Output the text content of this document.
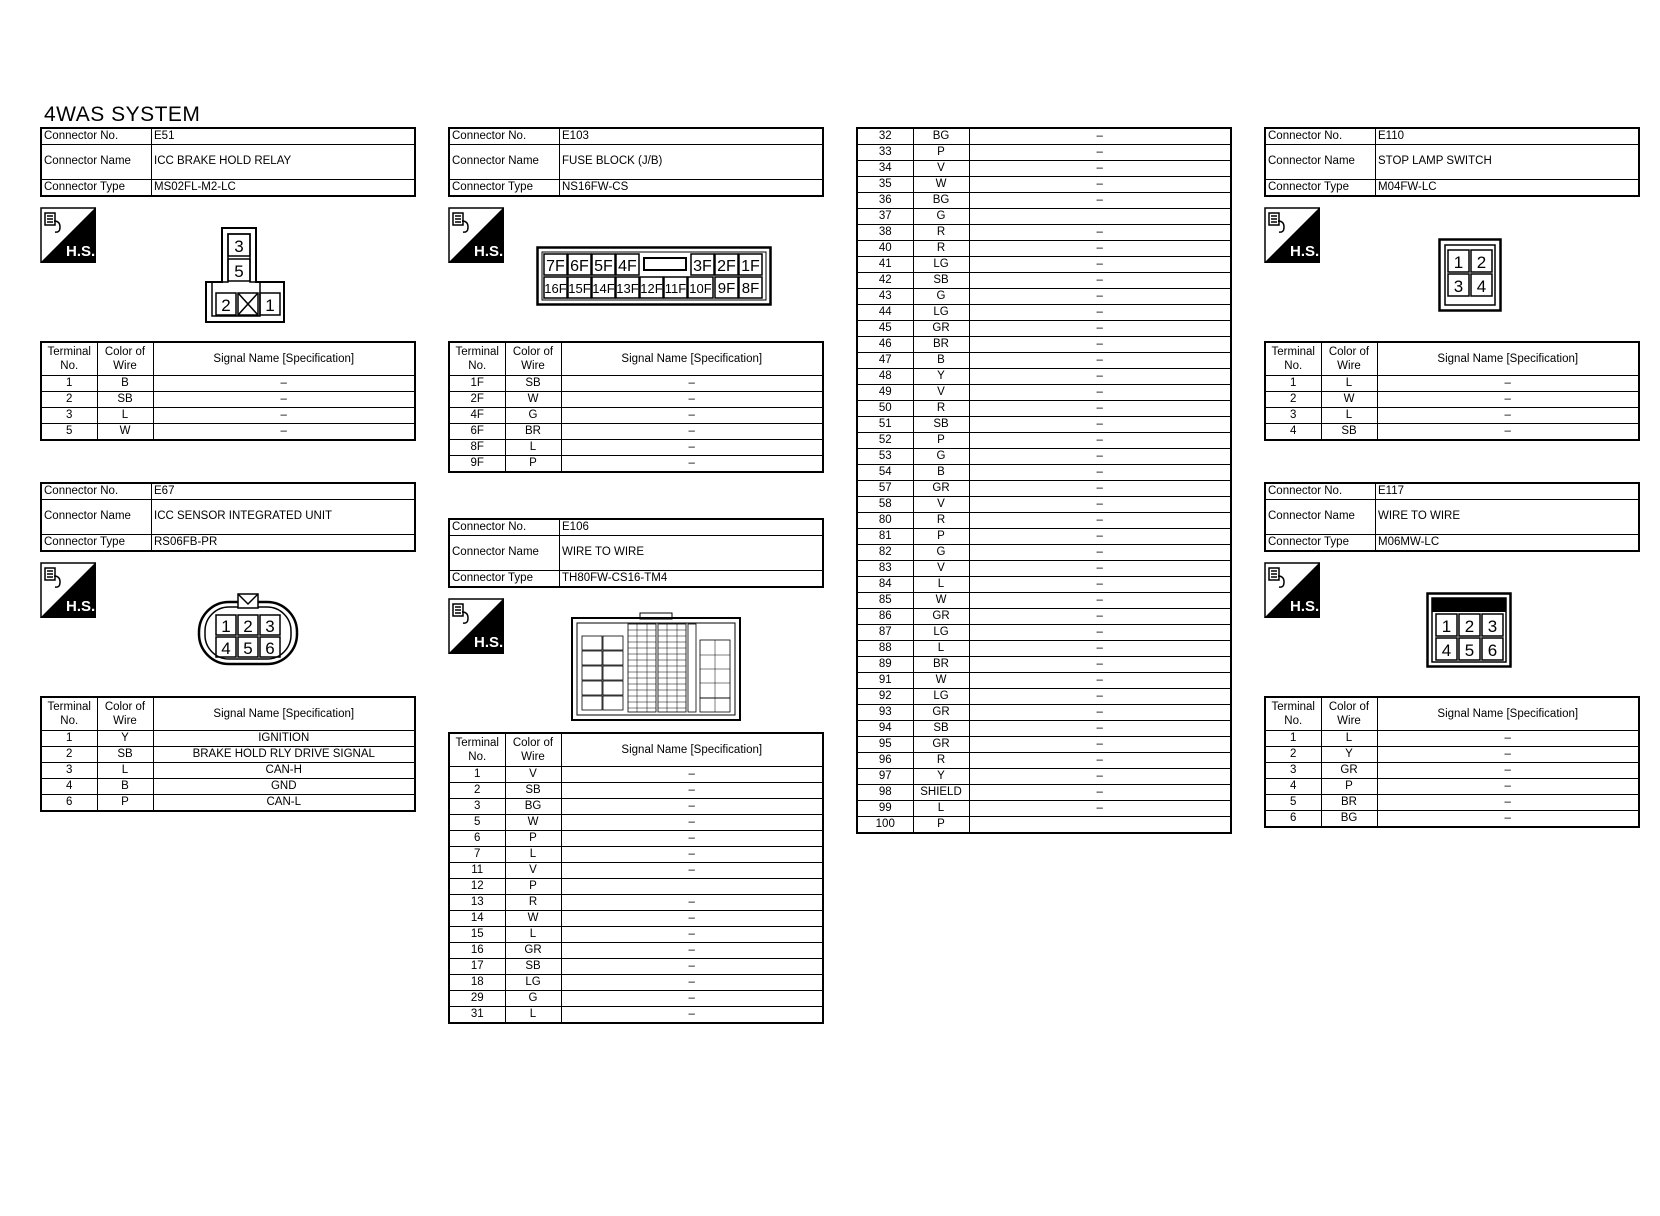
4WAS SYSTEM
Connector No.	E51
Connector Name	ICC BRAKE HOLD RELAY
Connector Type	MS02FL-M2-LC
H.S.	3
5
2 1
Terminal No.	Color of Wire	Signal Name [Specification]
1	B	–
2	SB	–
3	L	–
5	W	–
Connector No.	E67
Connector Name	ICC SENSOR INTEGRATED UNIT
Connector Type	RS06FB-PR
H.S.
1 2 3
4 5 6
Terminal No.	Color of Wire	Signal Name [Specification]
1	Y	IGNITION
2	SB	BRAKE HOLD RLY DRIVE SIGNAL
3	L	CAN-H
4	B	GND
6	P	CAN-L
Connector No.	E103
Connector Name	FUSE BLOCK (J/B)
Connector Type	NS16FW-CS
H.S.
7F 6F 5F 4F	3F 2F 1F
16F 15F 14F 13F 12F 11F 10F 9F 8F
Terminal No.	Color of Wire	Signal Name [Specification]
1F	SB	–
2F	W	–
4F	G	–
6F	BR	–
8F	L	–
9F	P	–
Connector No.	E106
Connector Name	WIRE TO WIRE
Connector Type	TH80FW-CS16-TM4
H.S.
Terminal No.	Color of Wire	Signal Name [Specification]
1	V	–
2	SB	–
3	BG	–
5	W	–
6	P	–
7	L	–
11	V	–
12	P	
13	R	–
14	W	–
15	L	–
16	GR	–
17	SB	–
18	LG	–
29	G	–
31	L	–
32	BG	–
33	P	–
34	V	–
35	W	–
36	BG	–
37	G	
38	R	–
40	R	–
41	LG	–
42	SB	–
43	G	–
44	LG	–
45	GR	–
46	BR	–
47	B	–
48	Y	–
49	V	–
50	R	–
51	SB	–
52	P	–
53	G	–
54	B	–
57	GR	–
58	V	–
80	R	–
81	P	–
82	G	–
83	V	–
84	L	–
85	W	–
86	GR	–
87	LG	–
88	L	–
89	BR	–
91	W	–
92	LG	–
93	GR	–
94	SB	–
95	GR	–
96	R	–
97	Y	–
98	SHIELD	–
99	L	–
100	P	
Connector No.	E110
Connector Name	STOP LAMP SWITCH
Connector Type	M04FW-LC
H.S.
1 2
3 4
Terminal No.	Color of Wire	Signal Name [Specification]
1	L	–
2	W	–
3	L	–
4	SB	–
Connector No.	E117
Connector Name	WIRE TO WIRE
Connector Type	M06MW-LC
H.S.
1 2 3
4 5 6
Terminal No.	Color of Wire	Signal Name [Specification]
1	L	–
2	Y	–
3	GR	–
4	P	–
5	BR	–
6	BG	–
